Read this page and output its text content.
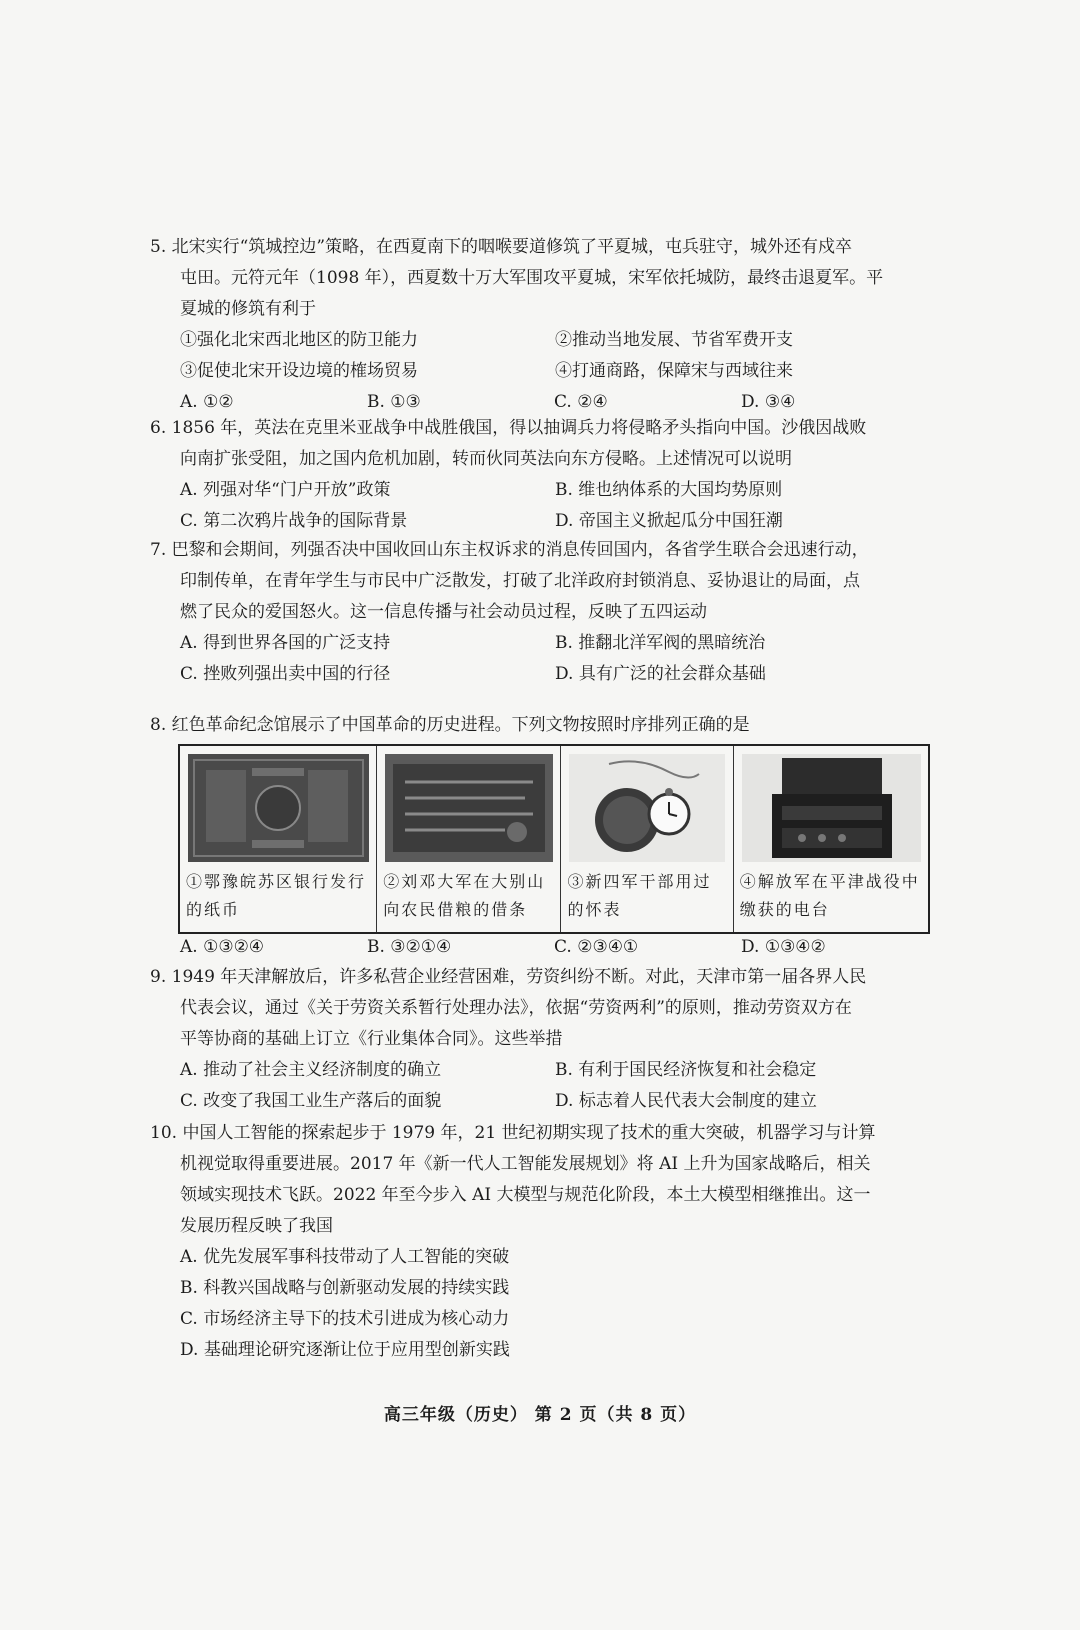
5. 北宋实行“筑城控边”策略，在西夏南下的咽喉要道修筑了平夏城，屯兵驻守，城外还有戍卒
屯田。元符元年（1098 年），西夏数十万大军围攻平夏城，宋军依托城防，最终击退夏军。平
夏城的修筑有利于
①强化北宋西北地区的防卫能力	②推动当地发展、节省军费开支
③促使北宋开设边境的榷场贸易	④打通商路，保障宋与西域往来
A. ①②	B. ①③	C. ②④	D. ③④
6. 1856 年，英法在克里米亚战争中战胜俄国，得以抽调兵力将侵略矛头指向中国。沙俄因战败
向南扩张受阻，加之国内危机加剧，转而伙同英法向东方侵略。上述情况可以说明
A. 列强对华“门户开放”政策	B. 维也纳体系的大国均势原则
C. 第二次鸦片战争的国际背景	D. 帝国主义掀起瓜分中国狂潮
7. 巴黎和会期间，列强否决中国收回山东主权诉求的消息传回国内，各省学生联合会迅速行动，
印制传单，在青年学生与市民中广泛散发，打破了北洋政府封锁消息、妥协退让的局面，点
燃了民众的爱国怒火。这一信息传播与社会动员过程，反映了五四运动
A. 得到世界各国的广泛支持	B. 推翻北洋军阀的黑暗统治
C. 挫败列强出卖中国的行径	D. 具有广泛的社会群众基础
8. 红色革命纪念馆展示了中国革命的历史进程。下列文物按照时序排列正确的是
①鄂豫皖苏区银行发行的纸币
②刘邓大军在大别山向农民借粮的借条
③新四军干部用过的怀表
④解放军在平津战役中缴获的电台
A. ①③②④	B. ③②①④	C. ②③④①	D. ①③④②
9. 1949 年天津解放后，许多私营企业经营困难，劳资纠纷不断。对此，天津市第一届各界人民
代表会议，通过《关于劳资关系暂行处理办法》，依据“劳资两利”的原则，推动劳资双方在
平等协商的基础上订立《行业集体合同》。这些举措
A. 推动了社会主义经济制度的确立	B. 有利于国民经济恢复和社会稳定
C. 改变了我国工业生产落后的面貌	D. 标志着人民代表大会制度的建立
10. 中国人工智能的探索起步于 1979 年，21 世纪初期实现了技术的重大突破，机器学习与计算
机视觉取得重要进展。2017 年《新一代人工智能发展规划》将 AI 上升为国家战略后，相关
领域实现技术飞跃。2022 年至今步入 AI 大模型与规范化阶段，本土大模型相继推出。这一
发展历程反映了我国
A. 优先发展军事科技带动了人工智能的突破
B. 科教兴国战略与创新驱动发展的持续实践
C. 市场经济主导下的技术引进成为核心动力
D. 基础理论研究逐渐让位于应用型创新实践
高三年级（历史） 第 2 页（共 8 页）
